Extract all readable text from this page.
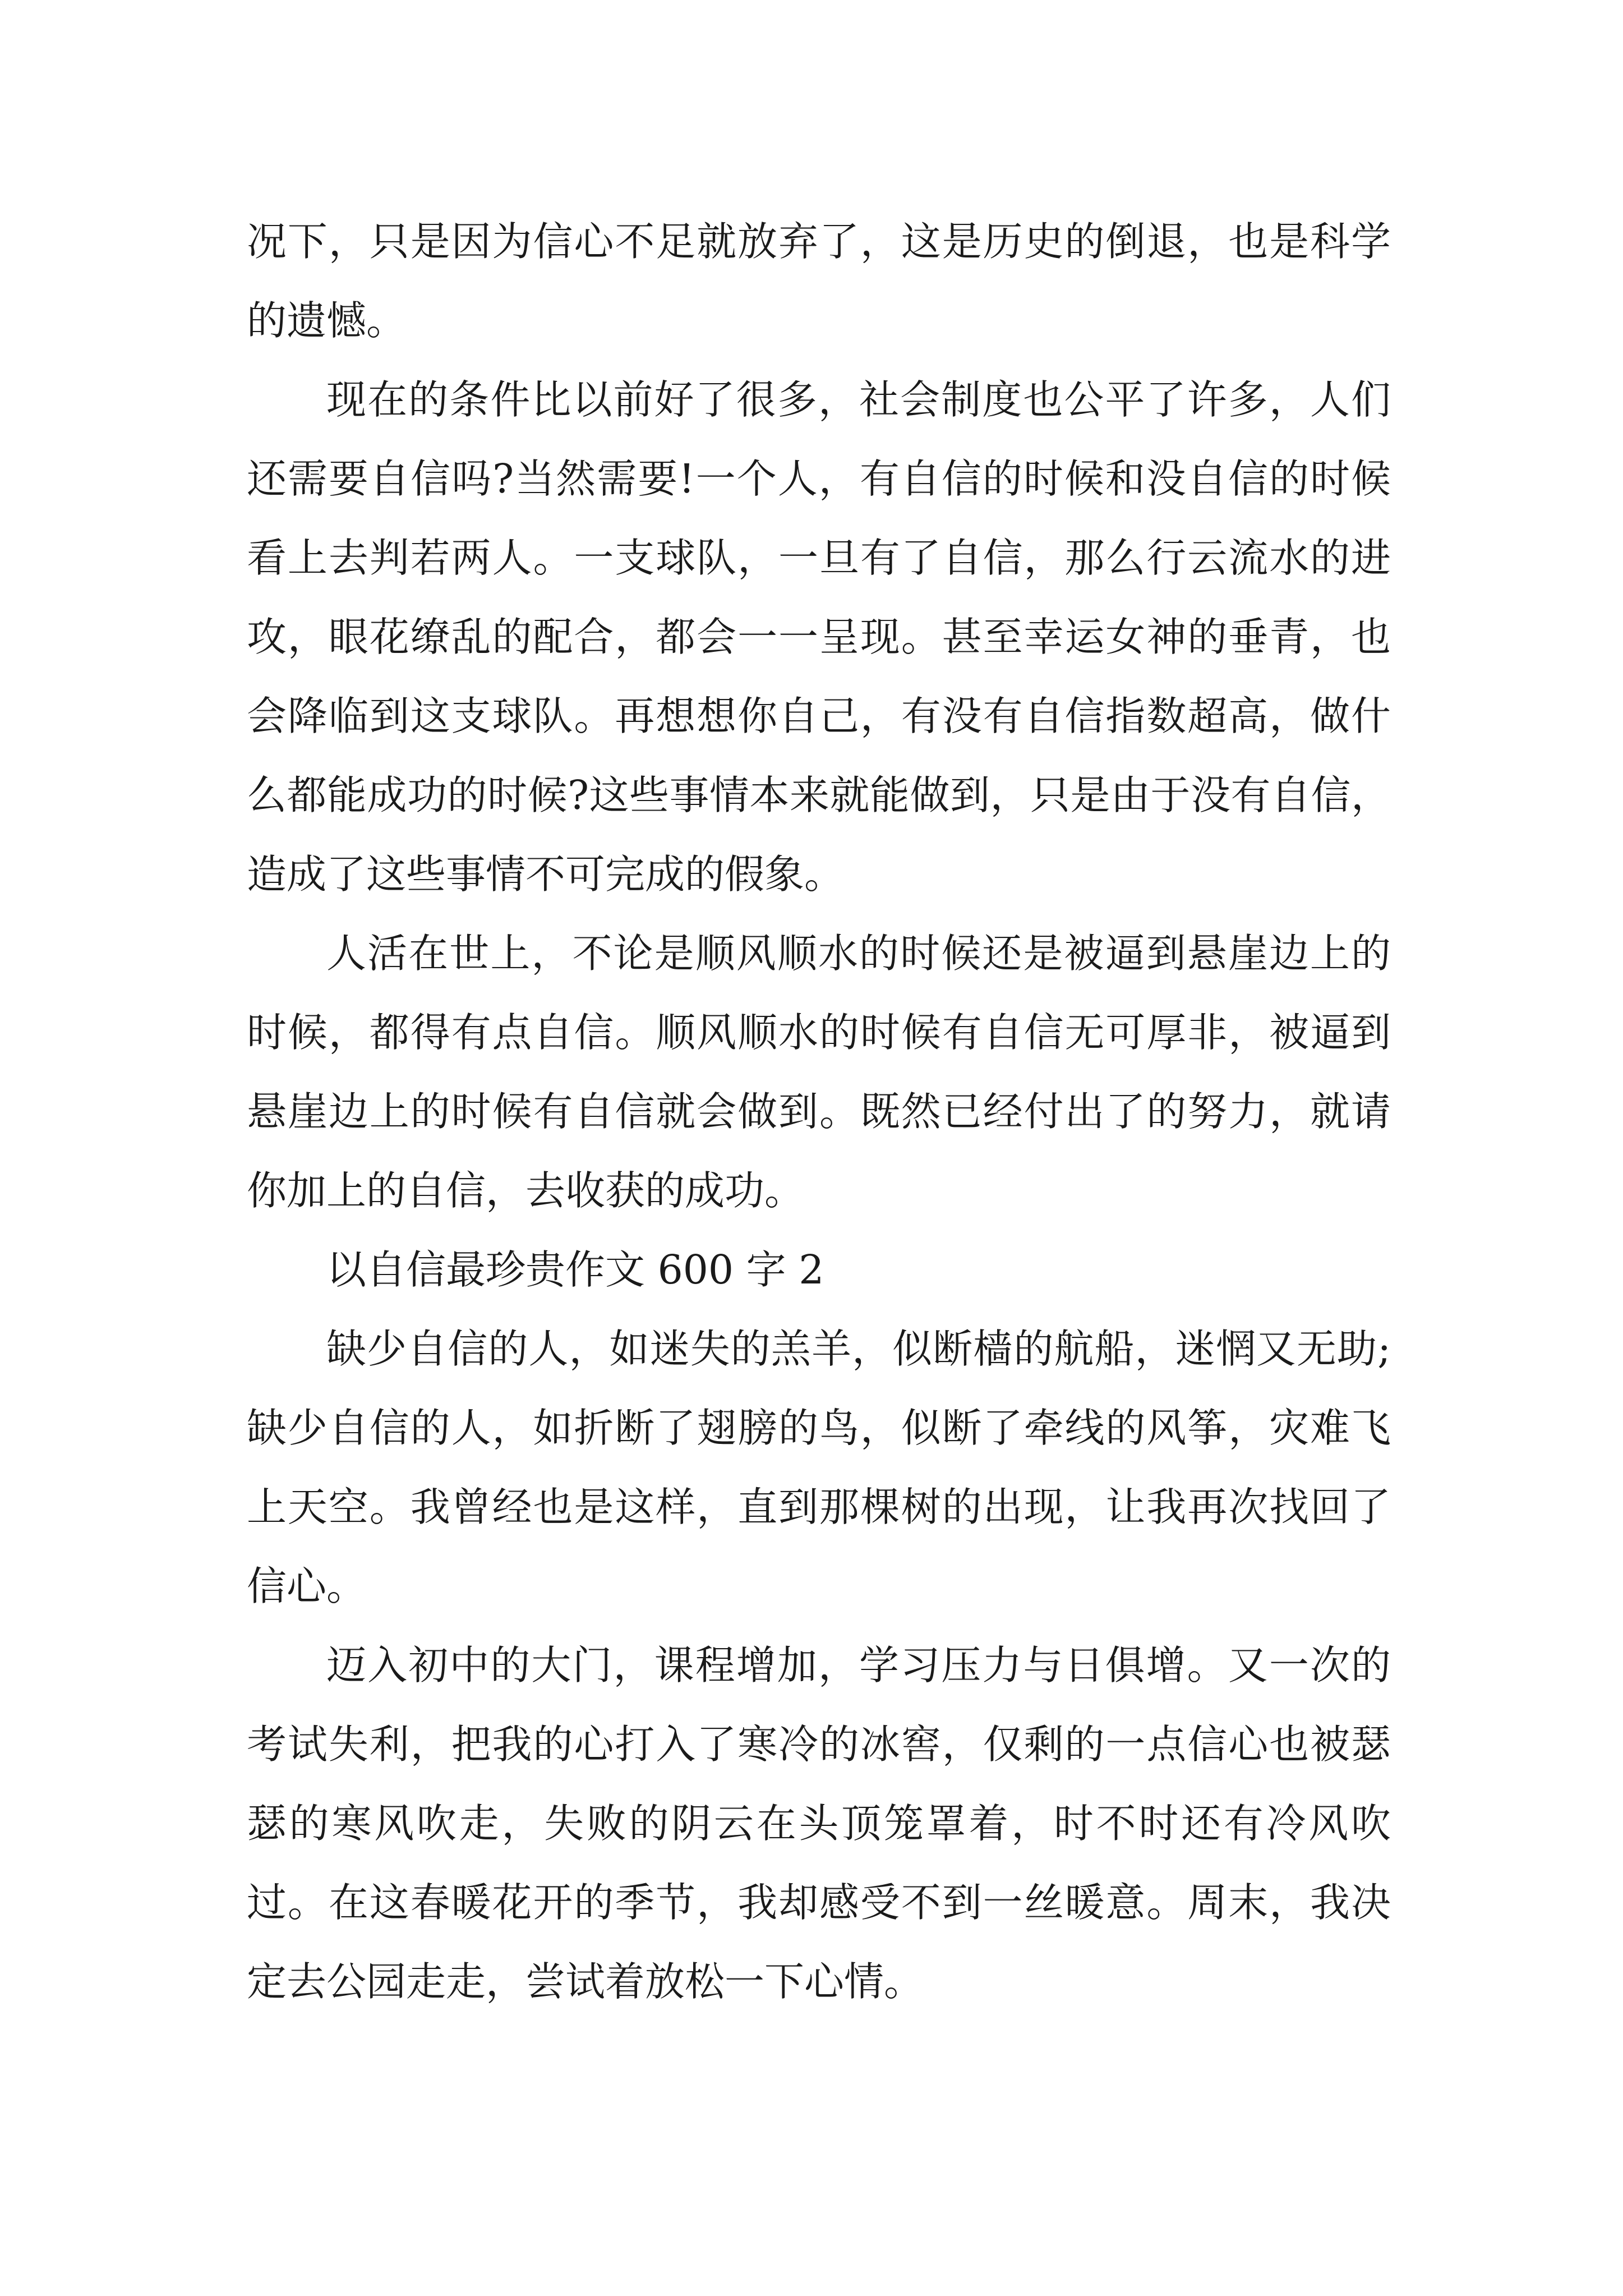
况下，只是因为信心不足就放弃了，这是历史的倒退，也是科学的遗憾。

现在的条件比以前好了很多，社会制度也公平了许多，人们还需要自信吗?当然需要!一个人，有自信的时候和没自信的时候看上去判若两人。一支球队，一旦有了自信，那么行云流水的进攻，眼花缭乱的配合，都会一一呈现。甚至幸运女神的垂青，也会降临到这支球队。再想想你自己，有没有自信指数超高，做什么都能成功的时候?这些事情本来就能做到，只是由于没有自信，造成了这些事情不可完成的假象。

人活在世上，不论是顺风顺水的时候还是被逼到悬崖边上的时候，都得有点自信。顺风顺水的时候有自信无可厚非，被逼到悬崖边上的时候有自信就会做到。既然已经付出了的努力，就请你加上的自信，去收获的成功。

以自信最珍贵作文 600 字 2

缺少自信的人，如迷失的羔羊，似断樯的航船，迷惘又无助;缺少自信的人，如折断了翅膀的鸟，似断了牵线的风筝，灾难飞上天空。我曾经也是这样，直到那棵树的出现，让我再次找回了信心。

迈入初中的大门，课程增加，学习压力与日俱增。又一次的考试失利，把我的心打入了寒冷的冰窖，仅剩的一点信心也被瑟瑟的寒风吹走，失败的阴云在头顶笼罩着，时不时还有冷风吹过。在这春暖花开的季节，我却感受不到一丝暖意。周末，我决定去公园走走，尝试着放松一下心情。
